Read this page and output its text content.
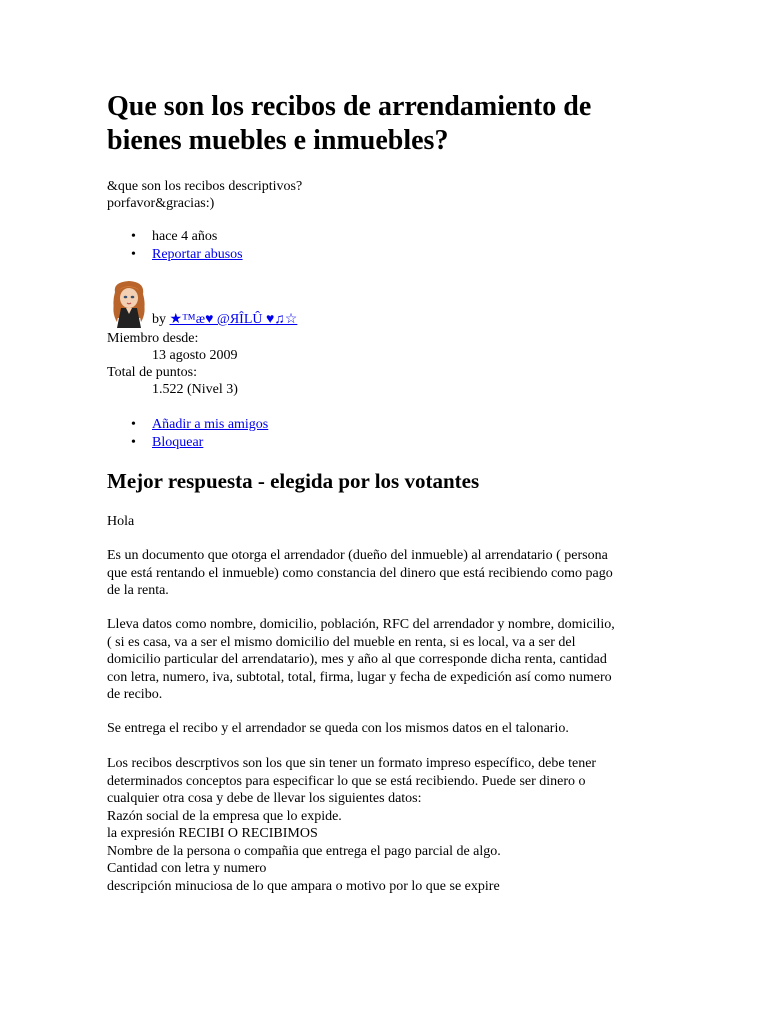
Que son los recibos de arrendamiento de bienes muebles e inmuebles?
&que son los recibos descriptivos?
porfavor&gracias:)
• hace 4 años
• Reportar abusos
by ★™æ♥ @ЯÎLÛ ♥♫☆
Miembro desde:
13 agosto 2009
Total de puntos:
1.522 (Nivel 3)
• Añadir a mis amigos
• Bloquear
Mejor respuesta - elegida por los votantes
Hola
Es un documento que otorga el arrendador (dueño del inmueble) al arrendatario ( persona
que está rentando el inmueble) como constancia del dinero que está recibiendo como pago
de la renta.
Lleva datos como nombre, domicilio, población, RFC del arrendador y nombre, domicilio,
( si es casa, va a ser el mismo domicilio del mueble en renta, si es local, va a ser del
domicilio particular del arrendatario), mes y año al que corresponde dicha renta, cantidad
con letra, numero, iva, subtotal, total, firma, lugar y fecha de expedición así como numero
de recibo.
Se entrega el recibo y el arrendador se queda con los mismos datos en el talonario.
Los recibos descrptivos son los que sin tener un formato impreso específico, debe tener
determinados conceptos para especificar lo que se está recibiendo. Puede ser dinero o
cualquier otra cosa y debe de llevar los siguientes datos:
Razón social de la empresa que lo expide.
la expresión RECIBI O RECIBIMOS
Nombre de la persona o compañia que entrega el pago parcial de algo.
Cantidad con letra y numero
descripción minuciosa de lo que ampara o motivo por lo que se expire
